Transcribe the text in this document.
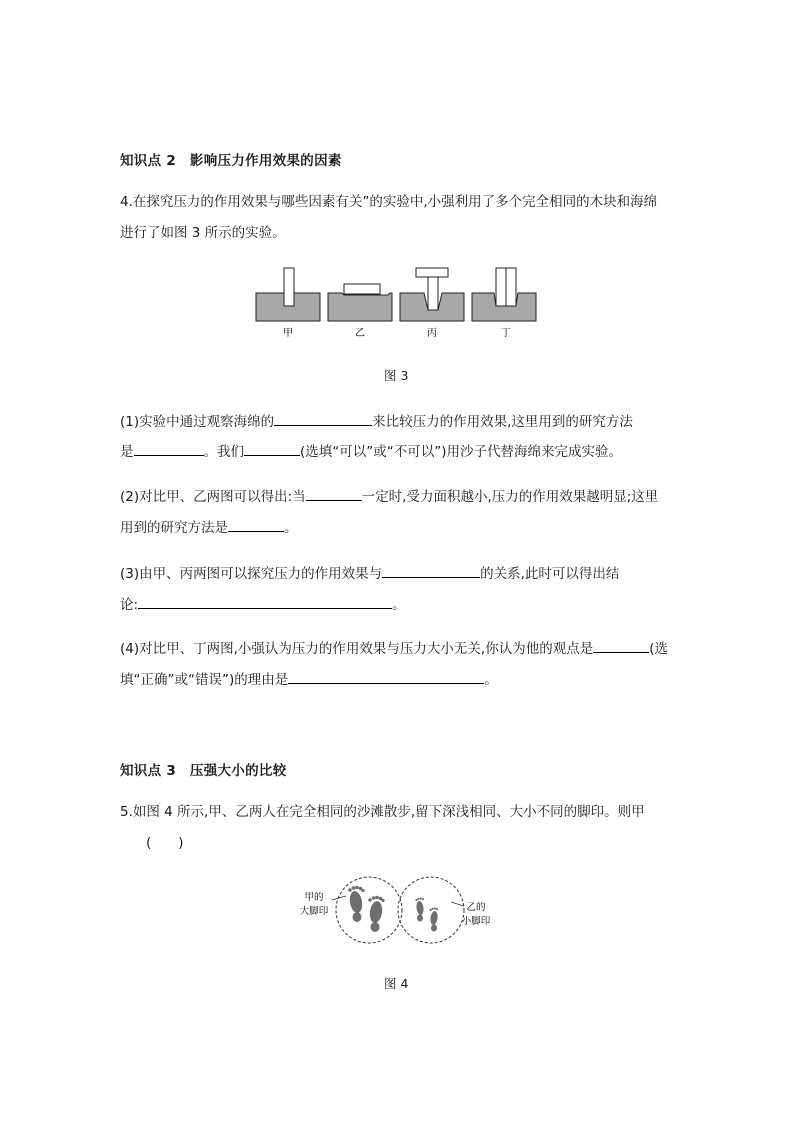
知识点 2　影响压力作用效果的因素
4.在探究压力的作用效果与哪些因素有关”的实验中,小强利用了多个完全相同的木块和海绵
进行了如图 3 所示的实验。
甲	乙	丙	丁
图 3
(1)实验中通过观察海绵的	来比较压力的作用效果,这里用到的研究方法
是	。我们	(选填“可以”或“不可以”)用沙子代替海绵来完成实验。
(2)对比甲、乙两图可以得出:当	一定时,受力面积越小,压力的作用效果越明显;这里
用到的研究方法是	。
(3)由甲、丙两图可以探究压力的作用效果与	的关系,此时可以得出结
论:	。
(4)对比甲、丁两图,小强认为压力的作用效果与压力大小无关,你认为他的观点是	(选
填“正确”或“错误”)的理由是	。
知识点 3　压强大小的比较
5.如图 4 所示,甲、乙两人在完全相同的沙滩散步,留下深浅相同、大小不同的脚印。则甲
(　　)
甲的
大脚印	乙的
小脚印
图 4
